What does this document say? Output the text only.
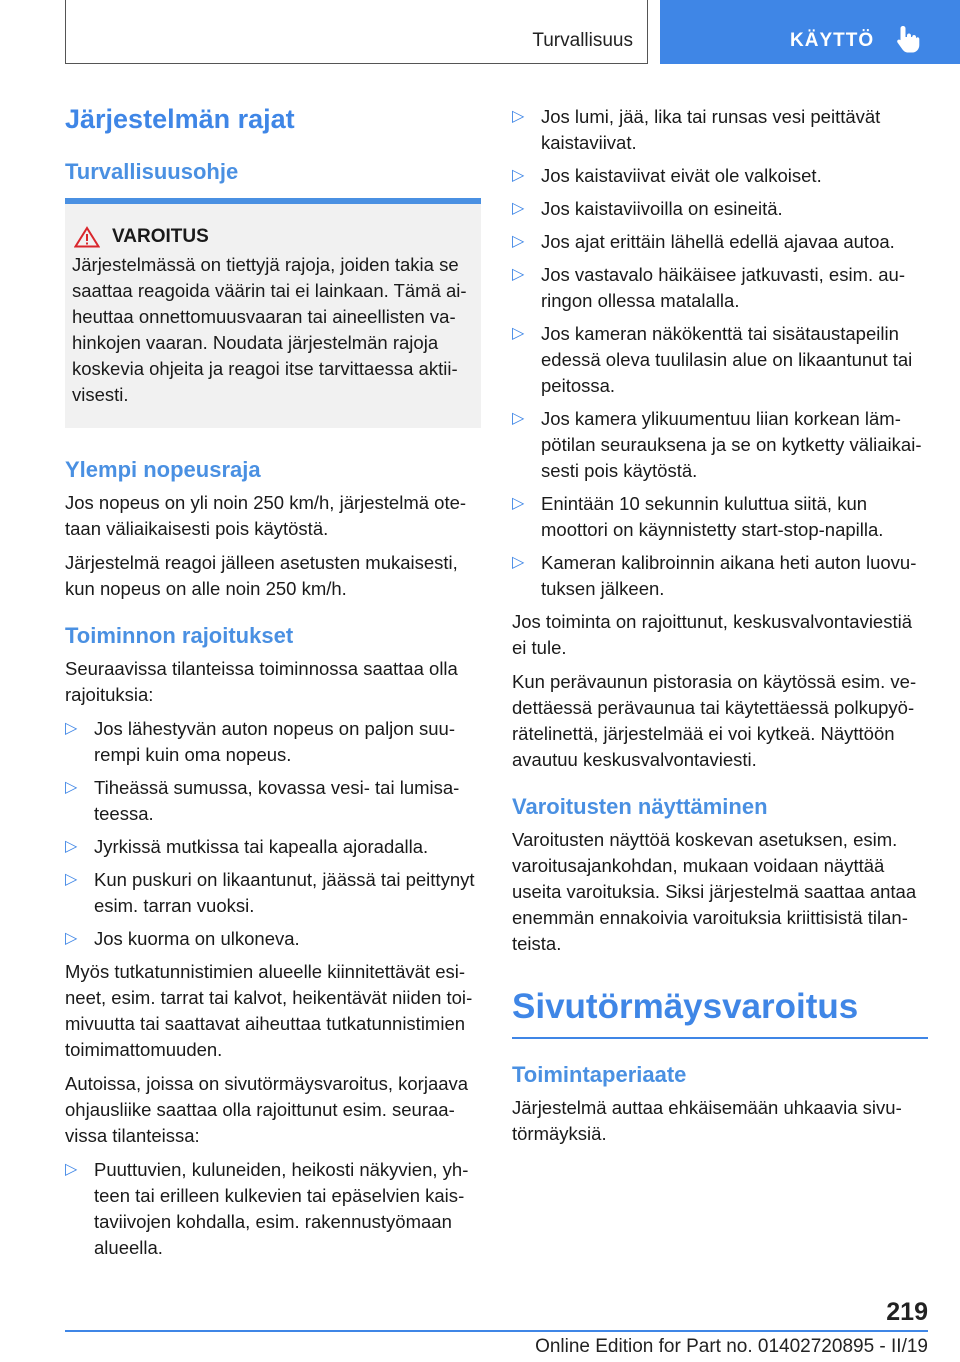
Turvallisuus	KÄYTTÖ
Järjestelmän rajat
Turvallisuusohje
VAROITUS

Järjestelmässä on tiettyjä rajoja, joiden takia se saattaa reagoida väärin tai ei lainkaan. Tämä aiheuttaa onnettomuusvaaran tai aineellisten vahinkojen vaaran. Noudata järjestelmän rajoja koskevia ohjeita ja reagoi itse tarvittaessa aktiivisesti.

Ylempi nopeusraja

Jos nopeus on yli noin 250 km/h, järjestelmä otetaan väliaikaisesti pois käytöstä.

Järjestelmä reagoi jälleen asetusten mukaisesti, kun nopeus on alle noin 250 km/h.

Toiminnon rajoitukset

Seuraavissa tilanteissa toiminnossa saattaa olla rajoituksia:

▷ Jos lähestyvän auton nopeus on paljon suurempi kuin oma nopeus.
▷ Tiheässä sumussa, kovassa vesi- tai lumisateessa.
▷ Jyrkissä mutkissa tai kapealla ajoradalla.
▷ Kun puskuri on likaantunut, jäässä tai peittynyt esim. tarran vuoksi.
▷ Jos kuorma on ulkoneva.

Myös tutkatunnistimien alueelle kiinnitettävät esineet, esim. tarrat tai kalvot, heikentävät niiden toimivuutta tai saattavat aiheuttaa tutkatunnistimien toimimattomuuden.

Autoissa, joissa on sivutörmäysvaroitus, korjaava ohjausliike saattaa olla rajoittunut esim. seuraavissa tilanteissa:

▷ Puuttuvien, kuluneiden, heikosti näkyvien, yhteen tai erilleen kulkevien tai epäselvien kaistaviivojen kohdalla, esim. rakennustyömaan alueella.
▷ Jos lumi, jää, lika tai runsas vesi peittävät kaistaviivat.
▷ Jos kaistaviivat eivät ole valkoiset.
▷ Jos kaistaviivoilla on esineitä.
▷ Jos ajat erittäin lähellä edellä ajavaa autoa.
▷ Jos vastavalo häikäisee jatkuvasti, esim. auringon ollessa matalalla.
▷ Jos kameran näkökenttä tai sisätaustapeilin edessä oleva tuulilasin alue on likaantunut tai peitossa.
▷ Jos kamera ylikuumentuu liian korkean lämpötilan seurauksena ja se on kytketty väliaikaisesti pois käytöstä.
▷ Enintään 10 sekunnin kuluttua siitä, kun moottori on käynnistetty start-stop-napilla.
▷ Kameran kalibroinnin aikana heti auton luovutuksen jälkeen.

Jos toiminta on rajoittunut, keskusvalvontaviestiä ei tule.

Kun perävaunun pistorasia on käytössä esim. vedettäessä perävaunua tai käytettäessä polkupyörätelinettä, järjestelmää ei voi kytkeä. Näyttöön avautuu keskusvalvontaviesti.

Varoitusten näyttäminen

Varoitusten näyttöä koskevan asetuksen, esim. varoitusajankohdan, mukaan voidaan näyttää useita varoituksia. Siksi järjestelmä saattaa antaa enemmän ennakoivia varoituksia kriittisistä tilanteista.

Sivutörmäysvaroitus
Toimintaperiaate

Järjestelmä auttaa ehkäisemään uhkaavia sivutörmäyksiä.

219
Online Edition for Part no. 01402720895 - II/19
